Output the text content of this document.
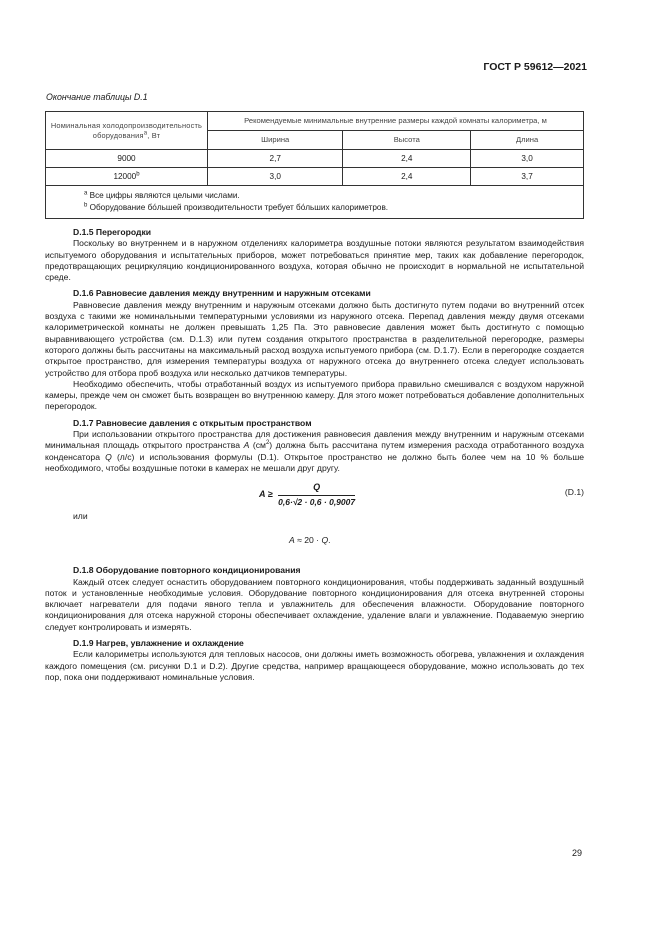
ГОСТ Р 59612—2021
Окончание таблицы D.1
Номинальная холодопроизводительность оборудования$^a$, Вт	Рекомендуемые минимальные внутренние размеры каждой комнаты калориметра, м		
	Ширина	Высота	Длина
9000	2,7	2,4	3,0
12000$^b$	3,0	2,4	3,7

$^a$ Все цифры являются целыми числами.
$^b$ Оборудование бо́льшей производительности требует бо́льших калориметров.			
D.1.5 Перегородки

Поскольку во внутреннем и в наружном отделениях калориметра воздушные потоки являются результатом взаимодействия испытуемого оборудования и испытательных приборов, может потребоваться принятие мер, таких как добавление перегородок, предотвращающих рециркуляцию кондиционированного воздуха, которая обычно не происходит в нормальной не испытательной среде.

D.1.6 Равновесие давления между внутренним и наружным отсеками

Равновесие давления между внутренним и наружным отсеками должно быть достигнуто путем подачи во внутренний отсек воздуха с такими же номинальными температурными условиями из наружного отсека. Перепад давления между двумя отсеками калориметрической комнаты не должен превышать 1,25 Па. Это равновесие давления может быть достигнуто с помощью выравнивающего устройства (см. D.1.3) или путем создания открытого пространства в разделительной перегородке, размеры которого должны быть рассчитаны на максимальный расход воздуха испытуемого прибора (см. D.1.7). Если в перегородке создается открытое пространство, для измерения температуры воздуха от наружного отсека до внутреннего отсека следует использовать устройство для отбора проб воздуха или несколько датчиков температуры.

Необходимо обеспечить, чтобы отработанный воздух из испытуемого прибора правильно смешивался с воздухом наружной камеры, прежде чем он сможет быть возвращен во внутреннюю камеру. Для этого может потребоваться добавление дополнительных перегородок.

D.1.7 Равновесие давления с открытым пространством

При использовании открытого пространства для достижения равновесия давления между внутренним и наружным отсеками минимальная площадь открытого пространства A $(см^2)$ должна быть рассчитана путем измерения расхода отработанного воздуха конденсатора Q (л/с) и использования формулы (D.1). Открытое пространство не должно быть более чем на 10 % больше необходимого, чтобы воздушные потоки в камерах не мешали друг другу.

$A \ge \frac{Q}{0,6\cdot√2 \cdot 0,6 \cdot 0,9007}$	(D.1)
или
A ≈ 20 · Q.
D.1.8 Оборудование повторного кондиционирования

Каждый отсек следует оснастить оборудованием повторного кондиционирования, чтобы поддерживать заданный воздушный поток и установленные необходимые условия. Оборудование повторного кондиционирования для отсека внутренней стороны включает нагреватели для подачи явного тепла и увлажнитель для обеспечения влажности. Оборудование повторного кондиционирования для отсека наружной стороны обеспечивает охлаждение, удаление влаги и увлажнение. Подаваемую энергию следует контролировать и измерять.

D.1.9 Нагрев, увлажнение и охлаждение

Если калориметры используются для тепловых насосов, они должны иметь возможность обогрева, увлажнения и охлаждения каждого помещения (см. рисунки D.1 и D.2). Другие средства, например вращающееся оборудование, можно использовать до тех пор, пока они поддерживают номинальные условия.

29
